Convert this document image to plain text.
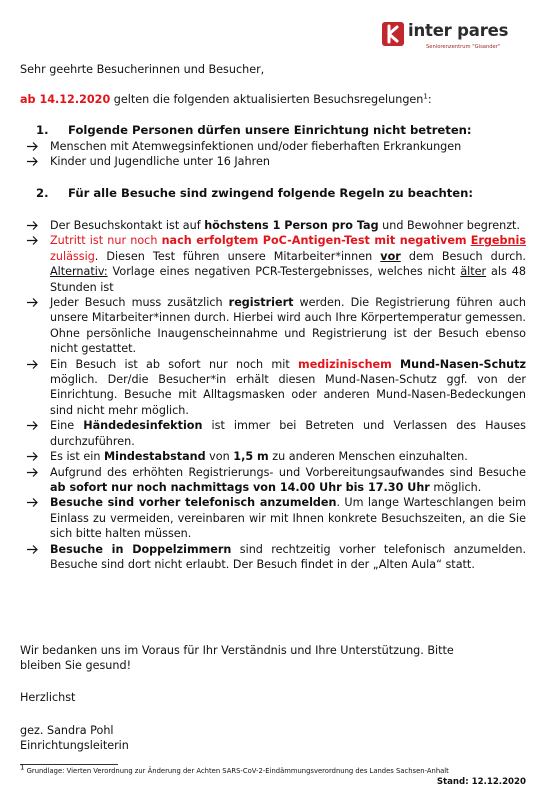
inter pares
Seniorenzentrum "Gisander"
Sehr geehrte Besucherinnen und Besucher,
ab 14.12.2020 gelten die folgenden aktualisierten Besuchsregelungen$^1$:
1. Folgende Personen dürfen unsere Einrichtung nicht betreten:
Menschen mit Atemwegsinfektionen und/oder fieberhaften Erkrankungen
Kinder und Jugendliche unter 16 Jahren
2. Für alle Besuche sind zwingend folgende Regeln zu beachten:
Der Besuchskontakt ist auf höchstens 1 Person pro Tag und Bewohner begrenzt.
Zutritt ist nur noch nach erfolgtem PoC-Antigen-Test mit negativem Ergebnis zulässig. Diesen Test führen unsere Mitarbeiter*innen vor dem Besuch durch. Alternativ: Vorlage eines negativen PCR-Testergebnisses, welches nicht älter als 48 Stunden ist
Jeder Besuch muss zusätzlich registriert werden. Die Registrierung führen auch unsere Mitarbeiter*innen durch. Hierbei wird auch Ihre Körpertemperatur gemessen. Ohne persönliche Inaugenscheinnahme und Registrierung ist der Besuch ebenso nicht gestattet.
Ein Besuch ist ab sofort nur noch mit medizinischem Mund-Nasen-Schutz möglich. Der/die Besucher*in erhält diesen Mund-Nasen-Schutz ggf. von der Einrichtung. Besuche mit Alltagsmasken oder anderen Mund-Nasen-Bedeckungen sind nicht mehr möglich.
Eine Händedesinfektion ist immer bei Betreten und Verlassen des Hauses durchzuführen.
Es ist ein Mindestabstand von 1,5 m zu anderen Menschen einzuhalten.
Aufgrund des erhöhten Registrierungs- und Vorbereitungsaufwandes sind Besuche ab sofort nur noch nachmittags von 14.00 Uhr bis 17.30 Uhr möglich.
Besuche sind vorher telefonisch anzumelden. Um lange Warteschlangen beim Einlass zu vermeiden, vereinbaren wir mit Ihnen konkrete Besuchszeiten, an die Sie sich bitte halten müssen.
Besuche in Doppelzimmern sind rechtzeitig vorher telefonisch anzumelden. Besuche sind dort nicht erlaubt. Der Besuch findet in der „Alten Aula“ statt.
Wir bedanken uns im Voraus für Ihr Verständnis und Ihre Unterstützung. Bitte
bleiben Sie gesund!
Herzlichst
gez. Sandra Pohl
Einrichtungsleiterin
$^1$ Grundlage: Vierten Verordnung zur Änderung der Achten SARS-CoV-2-Eindämmungsverordnung des Landes Sachsen-Anhalt
Stand: 12.12.2020
